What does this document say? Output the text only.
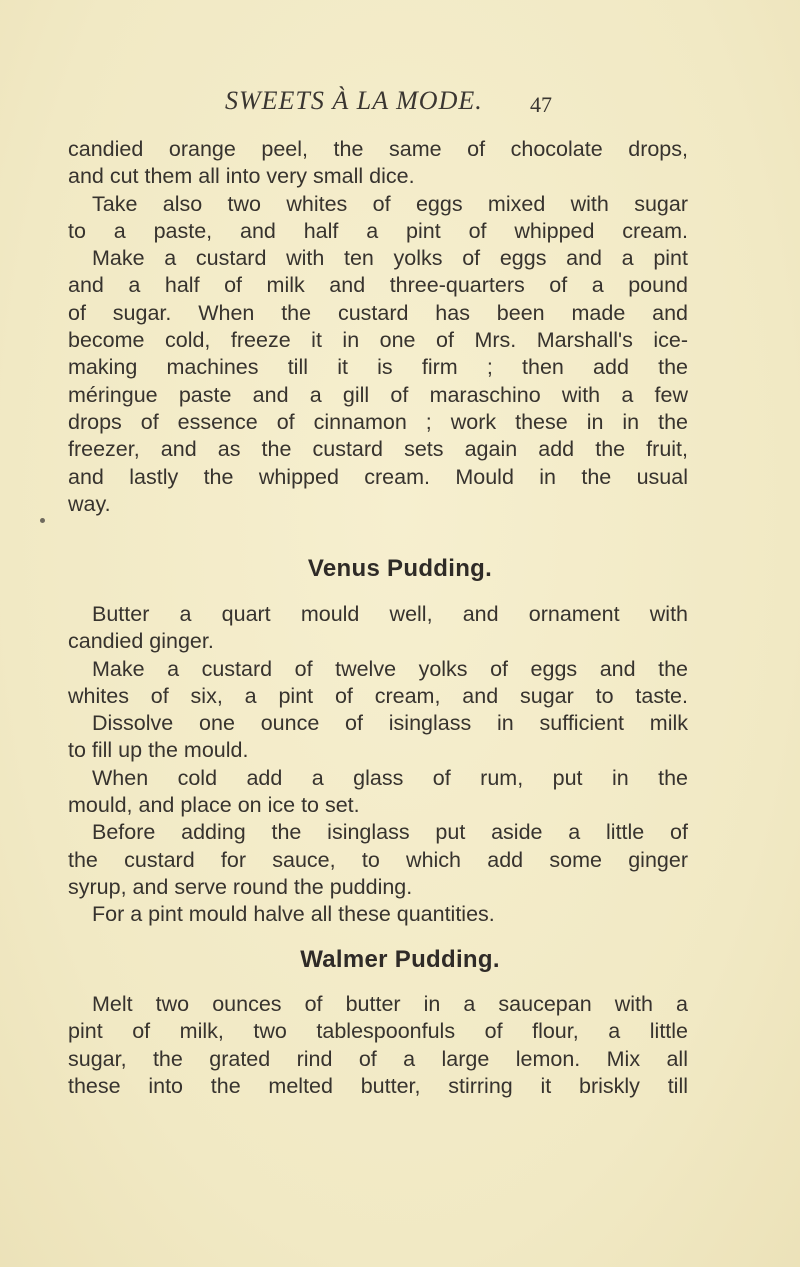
SWEETS À LA MODE. 47
candied orange peel, the same of chocolate drops,
and cut them all into very small dice.
Take also two whites of eggs mixed with sugar
to a paste, and half a pint of whipped cream.
Make a custard with ten yolks of eggs and a pint
and a half of milk and three-quarters of a pound
of sugar. When the custard has been made and
become cold, freeze it in one of Mrs. Marshall's ice-
making machines till it is firm ; then add the
méringue paste and a gill of maraschino with a few
drops of essence of cinnamon ; work these in in the
freezer, and as the custard sets again add the fruit,
and lastly the whipped cream. Mould in the usual
way.
Venus Pudding.
Butter a quart mould well, and ornament with
candied ginger.
Make a custard of twelve yolks of eggs and the
whites of six, a pint of cream, and sugar to taste.
Dissolve one ounce of isinglass in sufficient milk
to fill up the mould.
When cold add a glass of rum, put in the
mould, and place on ice to set.
Before adding the isinglass put aside a little of
the custard for sauce, to which add some ginger
syrup, and serve round the pudding.
For a pint mould halve all these quantities.
Walmer Pudding.
Melt two ounces of butter in a saucepan with a
pint of milk, two tablespoonfuls of flour, a little
sugar, the grated rind of a large lemon. Mix all
these into the melted butter, stirring it briskly till
